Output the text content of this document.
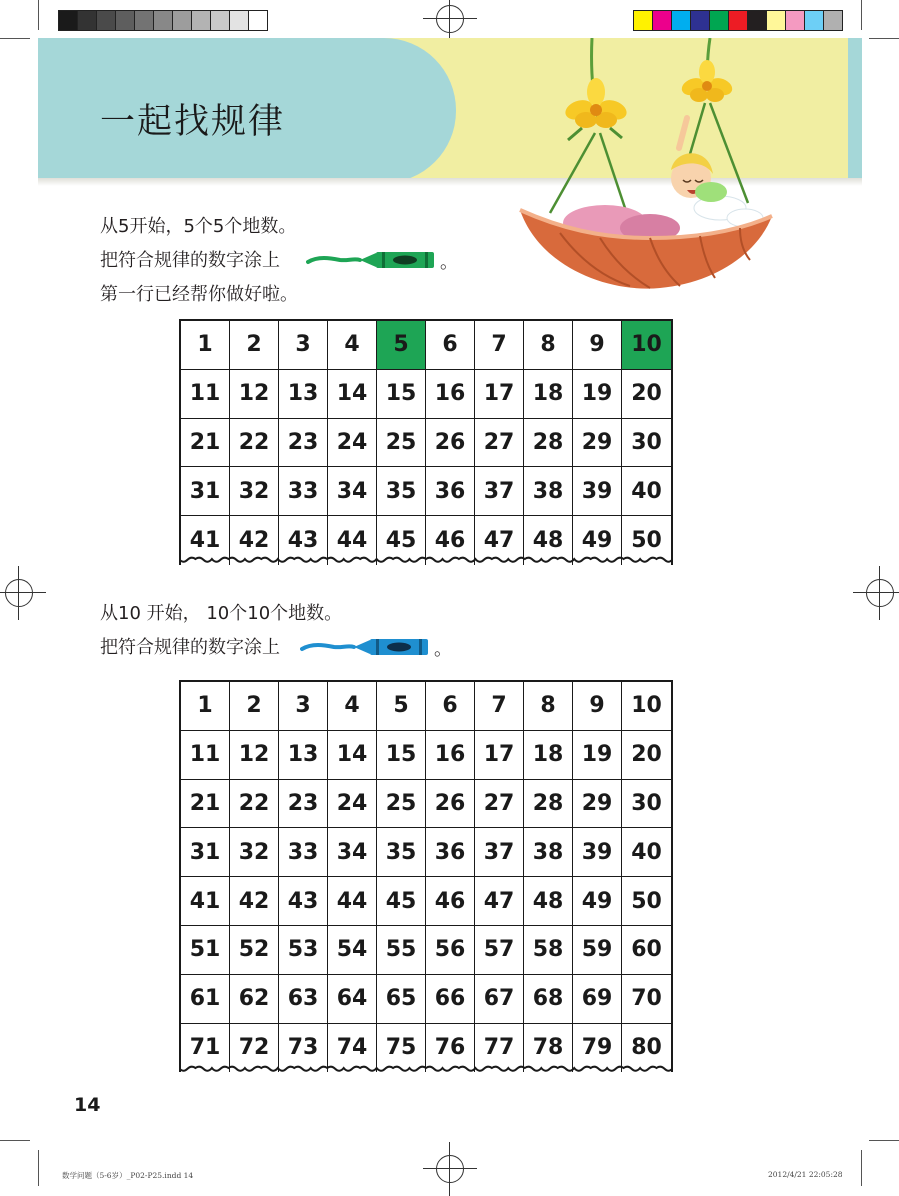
一起找规律
从5开始，5个5个地数。
把符合规律的数字涂上	。
第一行已经帮你做好啦。
1	2	3	4	5	6	7	8	9	10
11 12 13 14 15 16 17 18 19 20
21 22 23 24 25 26 27 28 29 30
31 32 33 34 35 36 37 38 39 40
41 42 43 44 45 46 47 48 49 50
从10 开始， 10个10个地数。
把符合规律的数字涂上	。
1	2	3	4	5	6	7	8	9	10
11 12 13 14 15 16 17 18 19 20
21 22 23 24 25 26 27 28 29 30
31 32 33 34 35 36 37 38 39 40
41 42 43 44 45 46 47 48 49 50
51 52 53 54 55 56 57 58 59 60
61 62 63 64 65 66 67 68 69 70
71 72 73 74 75 76 77 78 79 80
14
数学问题（5-6岁）_P02-P25.indd 14	2012/4/21 22:05:28
